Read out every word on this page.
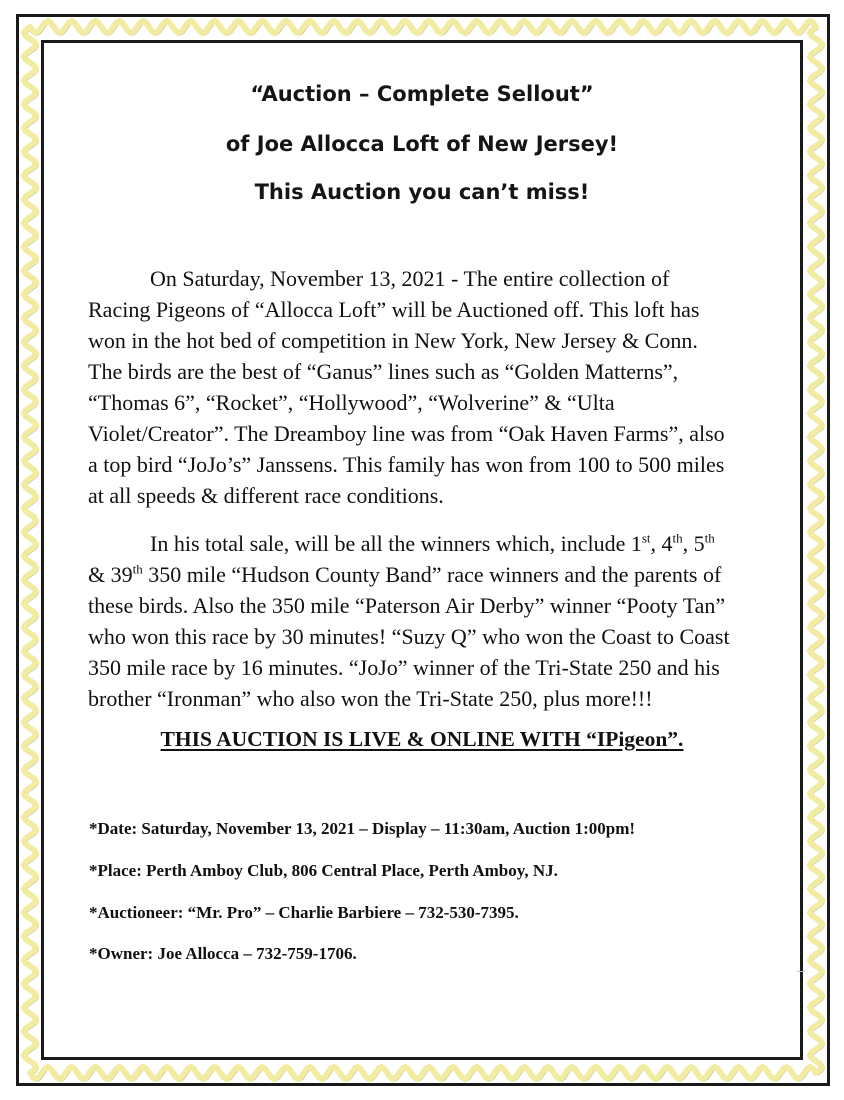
“Auction – Complete Sellout”
of Joe Allocca Loft of New Jersey!
This Auction you can’t miss!
On Saturday, November 13, 2021 - The entire collection of
Racing Pigeons of “Allocca Loft” will be Auctioned off. This loft has
won in the hot bed of competition in New York, New Jersey & Conn.
The birds are the best of “Ganus” lines such as “Golden Matterns”,
“Thomas 6”, “Rocket”, “Hollywood”, “Wolverine” & “Ulta
Violet/Creator”. The Dreamboy line was from “Oak Haven Farms”, also
a top bird “JoJo’s” Janssens. This family has won from 100 to 500 miles
at all speeds & different race conditions.
In his total sale, will be all the winners which, include 1st, 4th, 5th
& 39th 350 mile “Hudson County Band” race winners and the parents of
these birds. Also the 350 mile “Paterson Air Derby” winner “Pooty Tan”
who won this race by 30 minutes! “Suzy Q” who won the Coast to Coast
350 mile race by 16 minutes. “JoJo” winner of the Tri-State 250 and his
brother “Ironman” who also won the Tri-State 250, plus more!!!
THIS AUCTION IS LIVE & ONLINE WITH “IPigeon”.
*Date: Saturday, November 13, 2021 – Display – 11:30am, Auction 1:00pm!
*Place: Perth Amboy Club, 806 Central Place, Perth Amboy, NJ.
*Auctioneer: “Mr. Pro” – Charlie Barbiere – 732-530-7395.
*Owner: Joe Allocca – 732-759-1706.
